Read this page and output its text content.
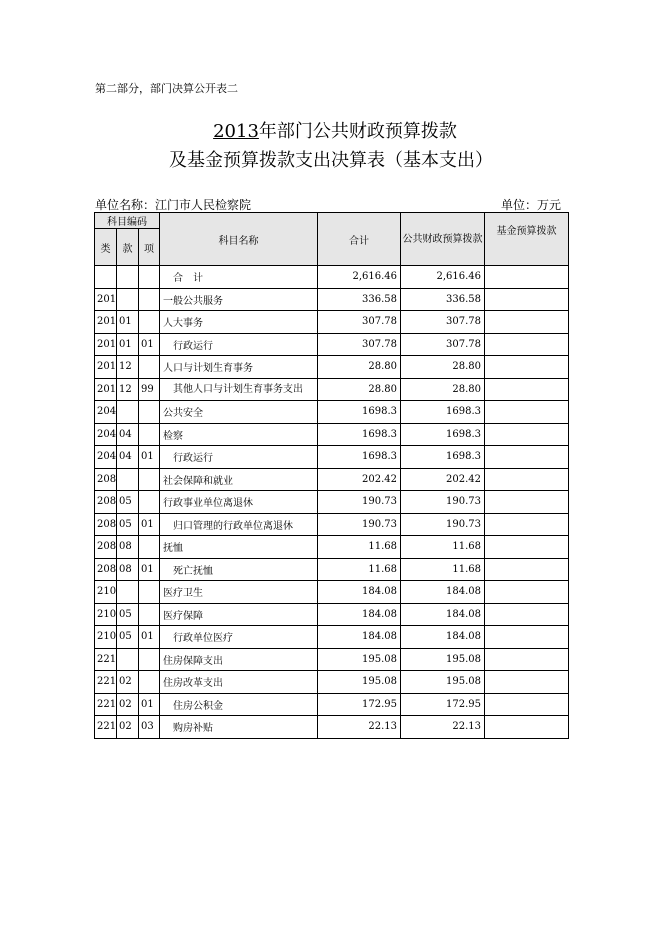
第二部分，部门决算公开表二
2013年部门公共财政预算拨款
及基金预算拨款支出决算表（基本支出）
单位名称：江门市人民检察院	单位：万元
科目编码			科目名称	合计	公共财政预算拨款	基金预算拨款
类	款	项				
			合　计	2,616.46	2,616.46	
201			一般公共服务	336.58	336.58	
201	01		人大事务	307.78	307.78	
201	01	01	行政运行	307.78	307.78	
201	12		人口与计划生育事务	28.80	28.80	
201	12	99	其他人口与计划生育事务支出	28.80	28.80	
204			公共安全	1698.3	1698.3	
204	04		检察	1698.3	1698.3	
204	04	01	行政运行	1698.3	1698.3	
208			社会保障和就业	202.42	202.42	
208	05		行政事业单位离退休	190.73	190.73	
208	05	01	归口管理的行政单位离退休	190.73	190.73	
208	08		抚恤	11.68	11.68	
208	08	01	死亡抚恤	11.68	11.68	
210			医疗卫生	184.08	184.08	
210	05		医疗保障	184.08	184.08	
210	05	01	行政单位医疗	184.08	184.08	
221			住房保障支出	195.08	195.08	
221	02		住房改革支出	195.08	195.08	
221	02	01	住房公积金	172.95	172.95	
221	02	03	购房补贴	22.13	22.13	
